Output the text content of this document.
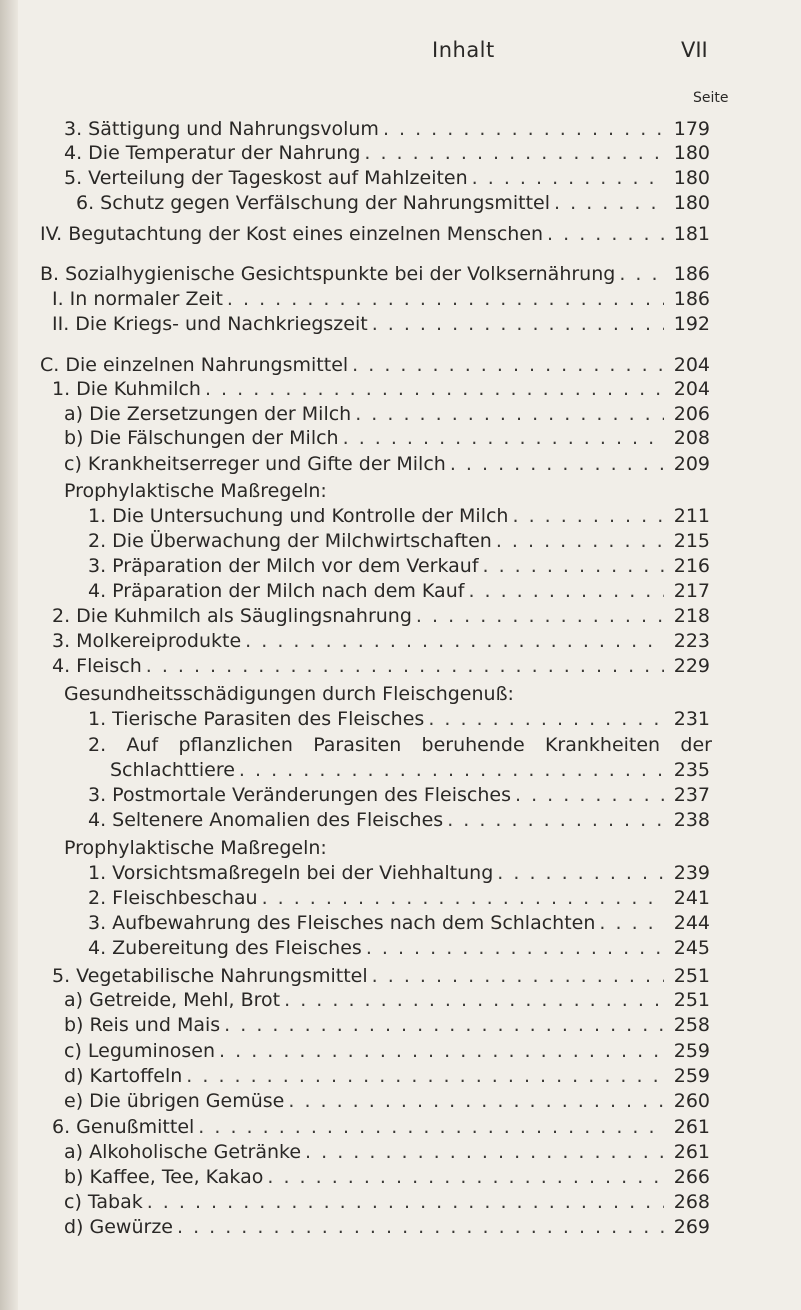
Inhalt	VII
Seite
3. Sättigung und Nahrungsvolum . . .	179
4. Die Temperatur der Nahrung . . .	180
5. Verteilung der Tageskost auf Mahlzeiten . . .	180
6. Schutz gegen Verfälschung der Nahrungsmittel . . .	180
IV. Begutachtung der Kost eines einzelnen Menschen . . .	181
B. Sozialhygienische Gesichtspunkte bei der Volksernährung . . .	186
I. In normaler Zeit . . .	186
II. Die Kriegs- und Nachkriegszeit . . .	192
C. Die einzelnen Nahrungsmittel . . .	204
1. Die Kuhmilch . . .	204
a) Die Zersetzungen der Milch . . .	206
b) Die Fälschungen der Milch . . .	208
c) Krankheitserreger und Gifte der Milch . . .	209
Prophylaktische Maßregeln:
1. Die Untersuchung und Kontrolle der Milch . . .	211
2. Die Überwachung der Milchwirtschaften . . .	215
3. Präparation der Milch vor dem Verkauf . . .	216
4. Präparation der Milch nach dem Kauf . . .	217
2. Die Kuhmilch als Säuglingsnahrung . . .	218
3. Molkereiprodukte . . .	223
4. Fleisch . . .	229
Gesundheitsschädigungen durch Fleischgenuß:
1. Tierische Parasiten des Fleisches . . .	231
2. Auf pflanzlichen Parasiten beruhende Krankheiten der
Schlachttiere . . .	235
3. Postmortale Veränderungen des Fleisches . . .	237
4. Seltenere Anomalien des Fleisches . . .	238
Prophylaktische Maßregeln:
1. Vorsichtsmaßregeln bei der Viehhaltung . . .	239
2. Fleischbeschau . . .	241
3. Aufbewahrung des Fleisches nach dem Schlachten . . .	244
4. Zubereitung des Fleisches . . .	245
5. Vegetabilische Nahrungsmittel . . .	251
a) Getreide, Mehl, Brot . . .	251
b) Reis und Mais . . .	258
c) Leguminosen . . .	259
d) Kartoffeln . . .	259
e) Die übrigen Gemüse . . .	260
6. Genußmittel . . .	261
a) Alkoholische Getränke . . .	261
b) Kaffee, Tee, Kakao . . .	266
c) Tabak . . .	268
d) Gewürze . . .	269
